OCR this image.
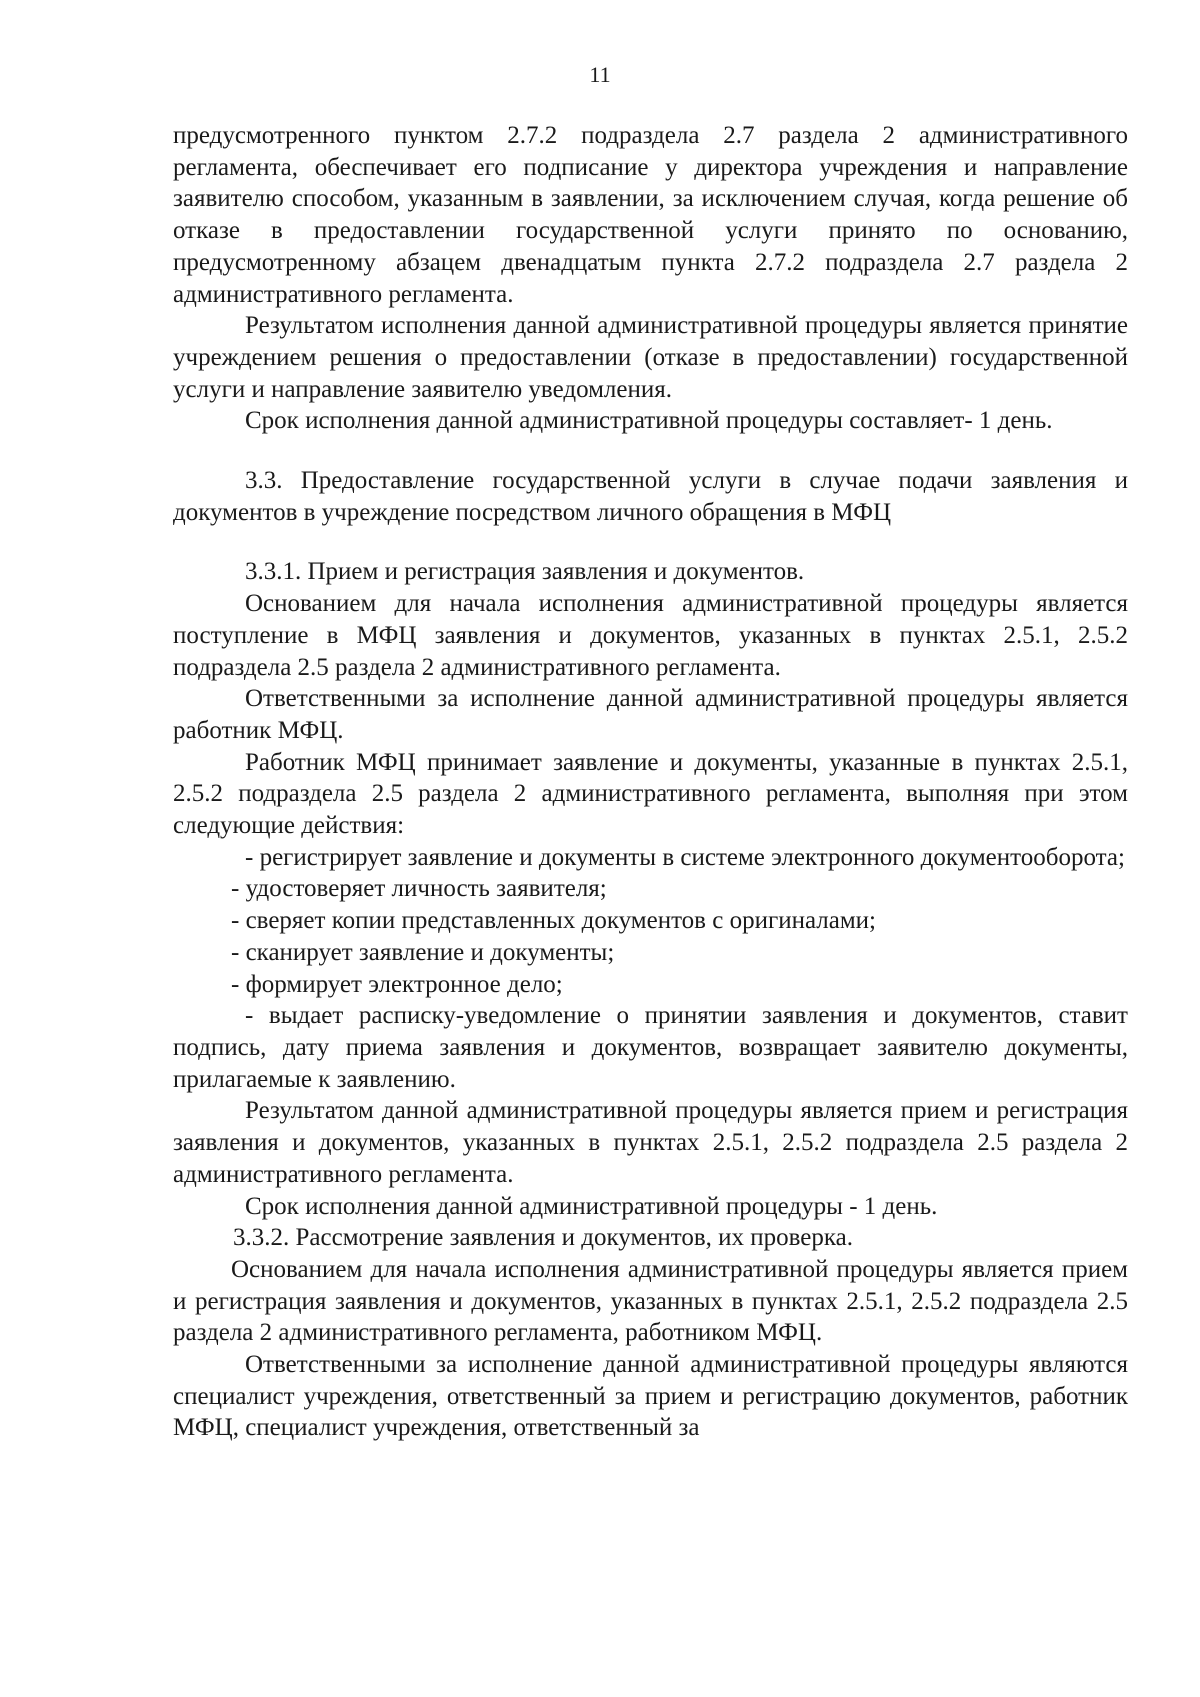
11

предусмотренного пунктом 2.7.2 подраздела 2.7 раздела 2 административного регламента, обеспечивает его подписание у директора учреждения и направление заявителю способом, указанным в заявлении, за исключением случая, когда решение об отказе в предоставлении государственной услуги принято по основанию, предусмотренному абзацем двенадцатым пункта 2.7.2 подраздела 2.7 раздела 2 административного регламента.

Результатом исполнения данной административной процедуры является принятие учреждением решения о предоставлении (отказе в предоставлении) государственной услуги и направление заявителю уведомления.

Срок исполнения данной административной процедуры составляет- 1 день.

3.3. Предоставление государственной услуги в случае подачи заявления и документов в учреждение посредством личного обращения в МФЦ

3.3.1. Прием и регистрация заявления и документов.

Основанием для начала исполнения административной процедуры является поступление в МФЦ заявления и документов, указанных в пунктах 2.5.1, 2.5.2 подраздела 2.5 раздела 2 административного регламента.

Ответственными за исполнение данной административной процедуры является работник МФЦ.

Работник МФЦ принимает заявление и документы, указанные в пунктах 2.5.1, 2.5.2 подраздела 2.5 раздела 2 административного регламента, выполняя при этом следующие действия:

- регистрирует заявление и документы в системе электронного документооборота;

- удостоверяет личность заявителя;

- сверяет копии представленных документов с оригиналами;

- сканирует заявление и документы;

- формирует электронное дело;

- выдает расписку-уведомление о принятии заявления и документов, ставит подпись, дату приема заявления и документов, возвращает заявителю документы, прилагаемые к заявлению.

Результатом данной административной процедуры является прием и регистрация заявления и документов, указанных в пунктах 2.5.1, 2.5.2 подраздела 2.5 раздела 2 административного регламента.

Срок исполнения данной административной процедуры - 1 день.

3.3.2. Рассмотрение заявления и документов, их проверка.

Основанием для начала исполнения административной процедуры является прием и регистрация заявления и документов, указанных в пунктах 2.5.1, 2.5.2 подраздела 2.5 раздела 2 административного регламента, работником МФЦ.

Ответственными за исполнение данной административной процедуры являются специалист учреждения, ответственный за прием и регистрацию документов, работник МФЦ, специалист учреждения, ответственный за
